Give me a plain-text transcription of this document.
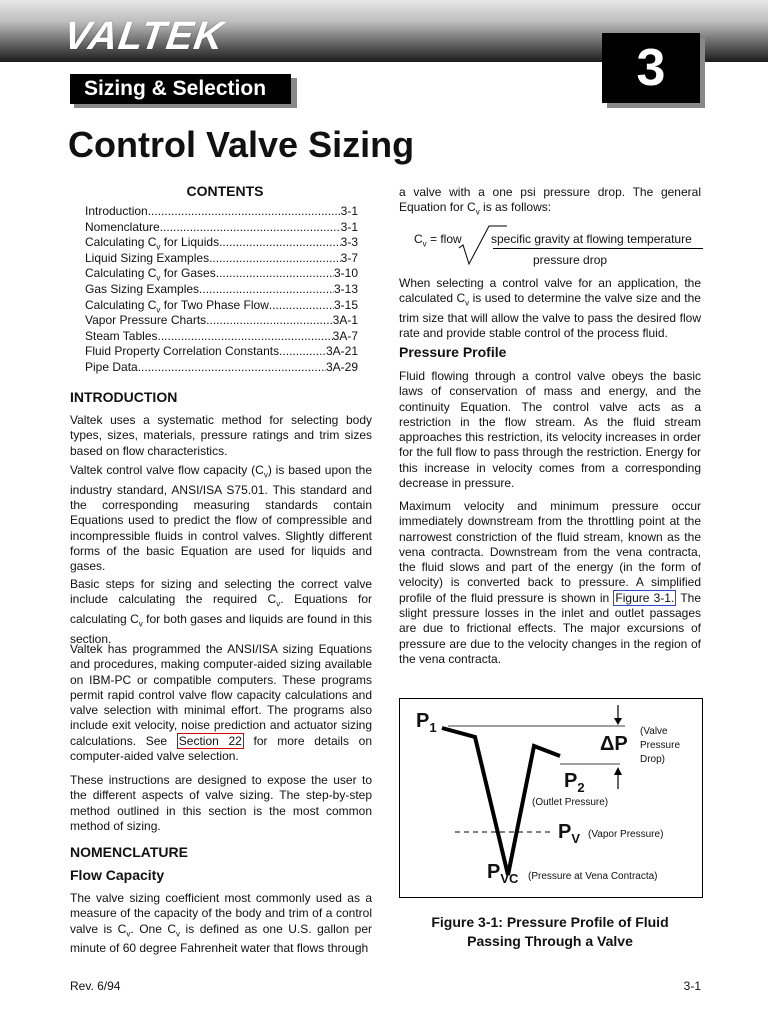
VALTEK
Sizing & Selection	3
Control Valve Sizing
CONTENTS
Introduction .....	3-1
Nomenclature .....	3-1
Calculating $C_v$ for Liquids .....	3-3
Liquid Sizing Examples .....	3-7
Calculating $C_v$ for Gases. .....	3-10
Gas Sizing Examples .....	3-13
Calculating $C_v$ for Two Phase Flow .....	3-15
Vapor Pressure Charts .....	3A-1
Steam Tables .....	3A-7
Fluid Property Correlation Constants .....	3A-21
Pipe Data .....	3A-29
INTRODUCTION
Valtek uses a systematic method for selecting body types, sizes, materials, pressure ratings and trim sizes based on flow characteristics.
Valtek control valve flow capacity $(C_v)$ is based upon the industry standard, ANSI/ISA S75.01. This standard and the corresponding measuring standards contain Equations used to predict the flow of compressible and incompressible fluids in control valves. Slightly different forms of the basic Equation are used for liquids and gases.
Basic steps for sizing and selecting the correct valve include calculating the required $C_v$. Equations for calculating $C_v$ for both gases and liquids are found in this section.
Valtek has programmed the ANSI/ISA sizing Equations and procedures, making computer-aided sizing available on IBM-PC or compatible computers. These programs permit rapid control valve flow capacity calculations and valve selection with minimal effort. The programs also include exit velocity, noise prediction and actuator sizing calculations. See Section 22 for more details on computer-aided valve selection.
These instructions are designed to expose the user to the different aspects of valve sizing. The step-by-step method outlined in this section is the most common method of sizing.
NOMENCLATURE
Flow Capacity
The valve sizing coefficient most commonly used as a measure of the capacity of the body and trim of a control valve is $C_v$. One $C_v$ is defined as one U.S. gallon per minute of 60 degree Fahrenheit water that flows through
a valve with a one psi pressure drop. The general Equation for $C_v$ is as follows:
$C_v$ = flow specific gravity at flowing temperature
pressure drop
When selecting a control valve for an application, the calculated $C_v$ is used to determine the valve size and the trim size that will allow the valve to pass the desired flow rate and provide stable control of the process fluid.
Pressure Profile
Fluid flowing through a control valve obeys the basic laws of conservation of mass and energy, and the continuity Equation. The control valve acts as a restriction in the flow stream. As the fluid stream approaches this restriction, its velocity increases in order for the full flow to pass through the restriction. Energy for this increase in velocity comes from a corresponding decrease in pressure.
Maximum velocity and minimum pressure occur immediately downstream from the throttling point at the narrowest constriction of the fluid stream, known as the vena contracta. Downstream from the vena contracta, the fluid slows and part of the energy (in the form of velocity) is converted back to pressure. A simplified profile of the fluid pressure is shown in Figure 3-1. The slight pressure losses in the inlet and outlet passages are due to frictional effects. The major excursions of pressure are due to the velocity changes in the region of the vena contracta.
$P_1$
ΔP
(Valve
Pressure
Drop)
$P_2$
(Outlet Pressure)
$P_V$ (Vapor Pressure)
$P_{VC}$ (Pressure at Vena Contracta)
Figure 3-1: Pressure Profile of Fluid
Passing Through a Valve
Rev. 6/94	3-1
